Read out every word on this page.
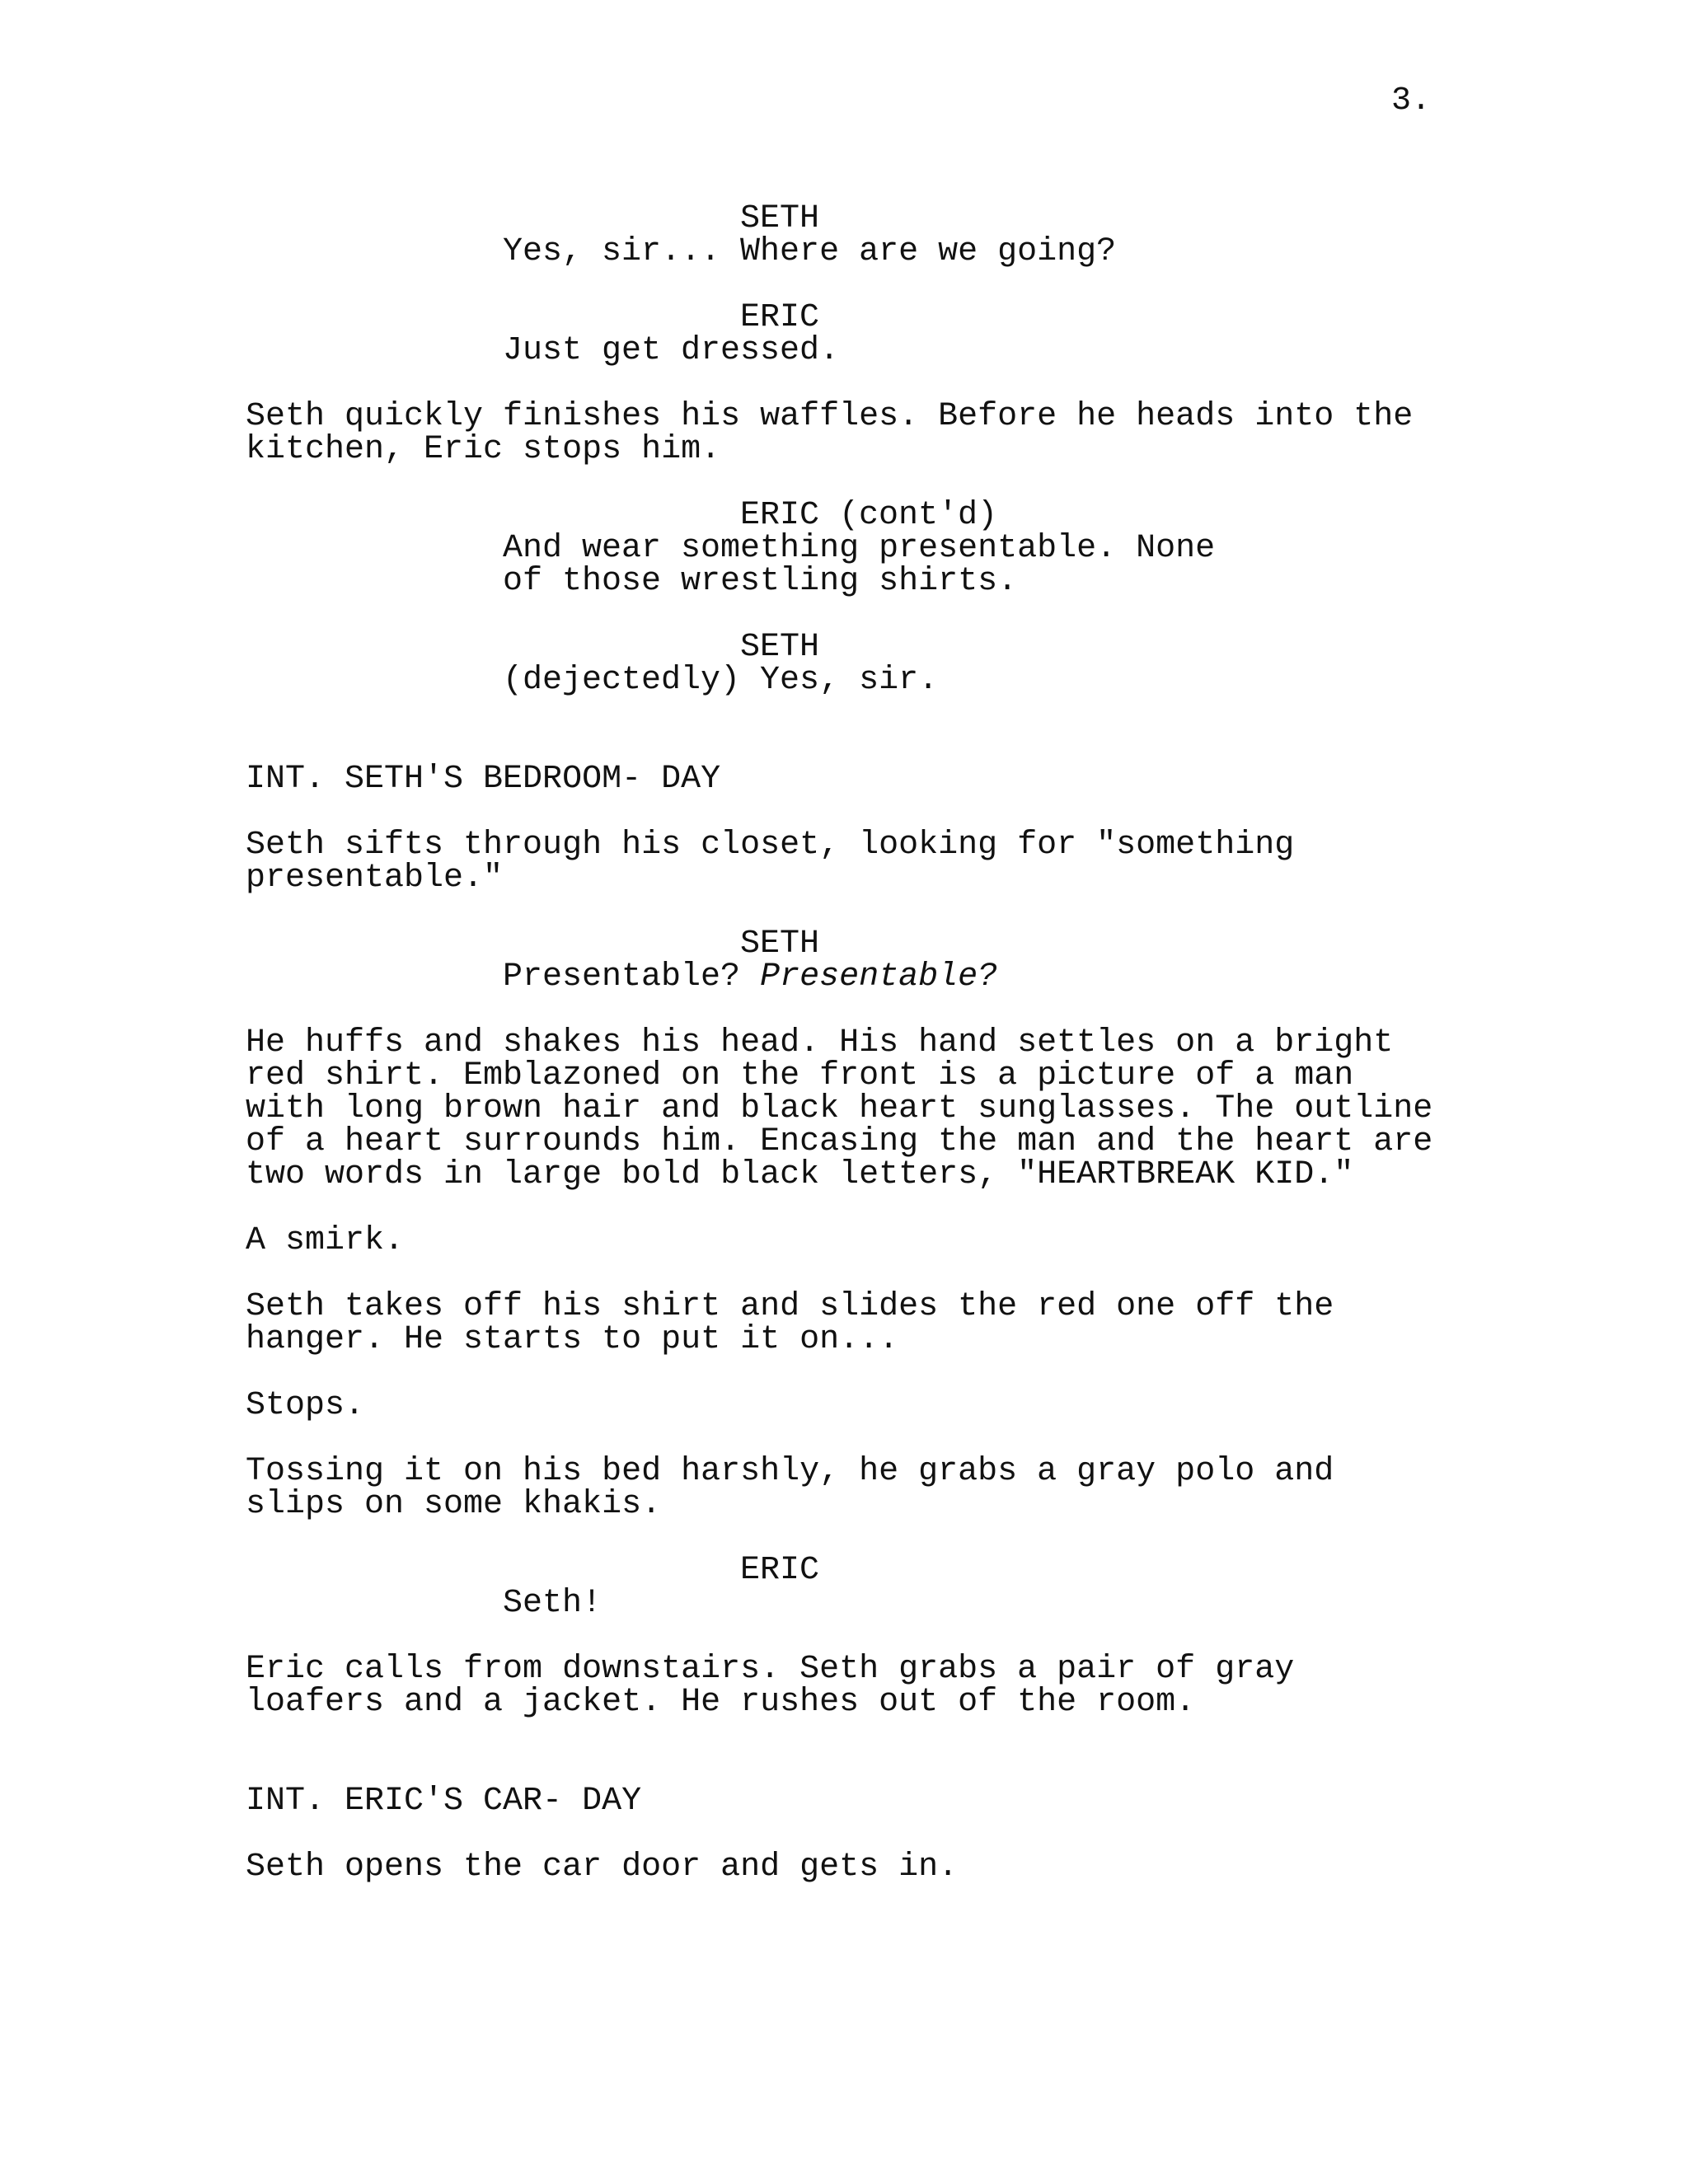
3.
SETH
Yes, sir... Where are we going?
ERIC
Just get dressed.
Seth quickly finishes his waffles. Before he heads into the
kitchen, Eric stops him.
ERIC (cont'd)
And wear something presentable. None
of those wrestling shirts.
SETH
(dejectedly) Yes, sir.
INT. SETH'S BEDROOM- DAY
Seth sifts through his closet, looking for "something
presentable."
SETH
Presentable? Presentable?
He huffs and shakes his head. His hand settles on a bright
red shirt. Emblazoned on the front is a picture of a man
with long brown hair and black heart sunglasses. The outline
of a heart surrounds him. Encasing the man and the heart are
two words in large bold black letters, "HEARTBREAK KID."
A smirk.
Seth takes off his shirt and slides the red one off the
hanger. He starts to put it on...
Stops.
Tossing it on his bed harshly, he grabs a gray polo and
slips on some khakis.
ERIC
Seth!
Eric calls from downstairs. Seth grabs a pair of gray
loafers and a jacket. He rushes out of the room.
INT. ERIC'S CAR- DAY
Seth opens the car door and gets in.
